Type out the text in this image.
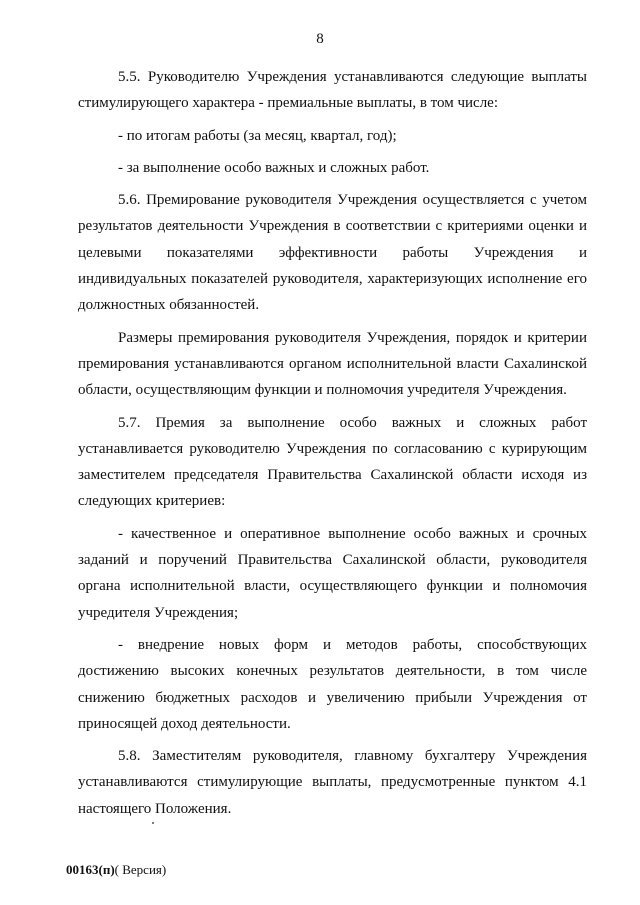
8

5.5. Руководителю Учреждения устанавливаются следующие выплаты стимулирующего характера - премиальные выплаты, в том числе:

- по итогам работы (за месяц, квартал, год);

- за выполнение особо важных и сложных работ.

5.6. Премирование руководителя Учреждения осуществляется с учетом результатов деятельности Учреждения в соответствии с критериями оценки и целевыми показателями эффективности работы Учреждения и индивидуальных показателей руководителя, характеризующих исполнение его должностных обязанностей.

Размеры премирования руководителя Учреждения, порядок и критерии премирования устанавливаются органом исполнительной власти Сахалинской области, осуществляющим функции и полномочия учредителя Учреждения.

5.7. Премия за выполнение особо важных и сложных работ устанавливается руководителю Учреждения по согласованию с курирующим заместителем председателя Правительства Сахалинской области исходя из следующих критериев:

- качественное и оперативное выполнение особо важных и срочных заданий и поручений Правительства Сахалинской области, руководителя органа исполнительной власти, осуществляющего функции и полномочия учредителя Учреждения;

- внедрение новых форм и методов работы, способствующих достижению высоких конечных результатов деятельности, в том числе снижению бюджетных расходов и увеличению прибыли Учреждения от приносящей доход деятельности.

5.8. Заместителям руководителя, главному бухгалтеру Учреждения устанавливаются стимулирующие выплаты, предусмотренные пунктом 4.1 настоящего Положения.

00163(п)( Версия)
